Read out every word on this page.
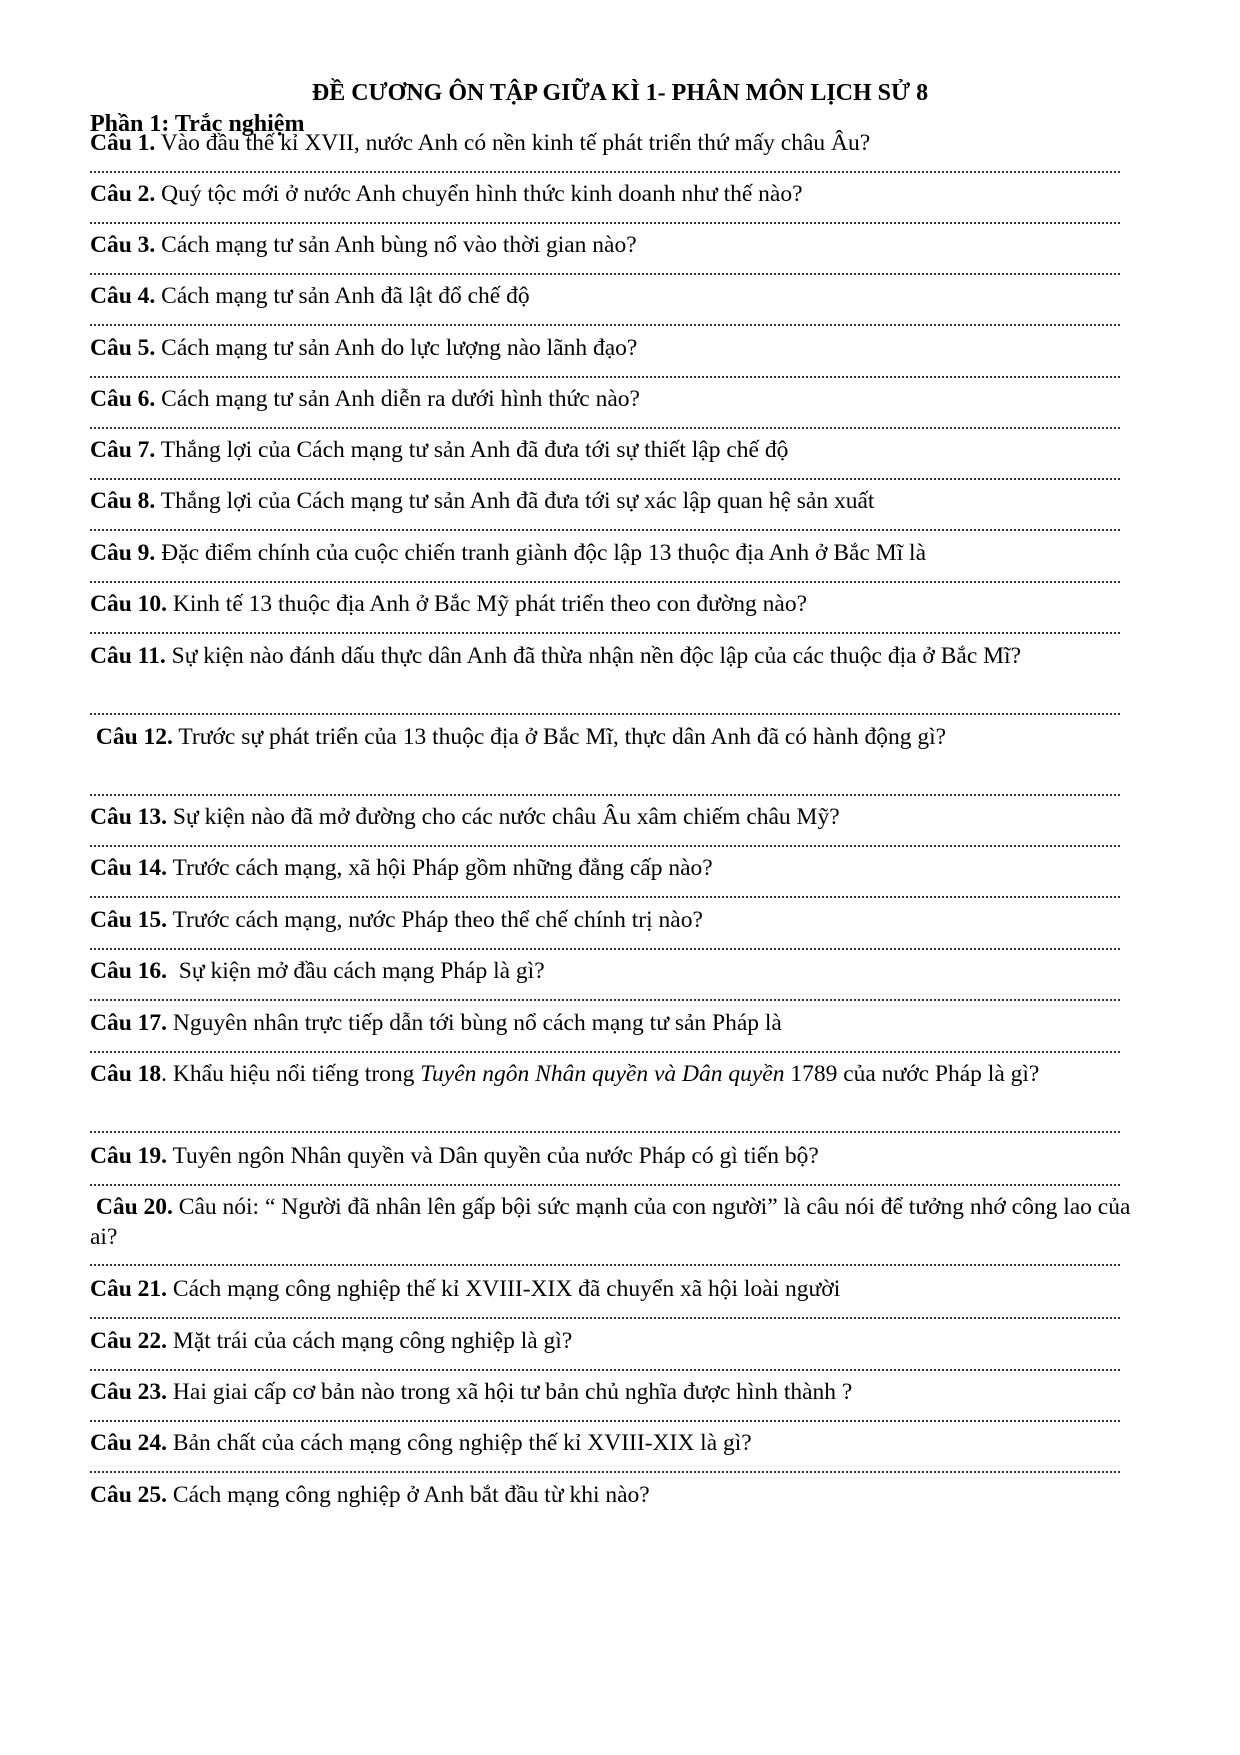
ĐỀ CƯƠNG ÔN TẬP GIỮA KÌ 1- PHÂN MÔN LỊCH SỬ 8
Phần 1: Trắc nghiệm
Câu 1. Vào đầu thế kỉ XVII, nước Anh có nền kinh tế phát triển thứ mấy châu Âu?
Câu 2. Quý tộc mới ở nước Anh chuyển hình thức kinh doanh như thế nào?
Câu 3. Cách mạng tư sản Anh bùng nổ vào thời gian nào?
Câu 4. Cách mạng tư sản Anh đã lật đổ chế độ
Câu 5. Cách mạng tư sản Anh do lực lượng nào lãnh đạo?
Câu 6. Cách mạng tư sản Anh diễn ra dưới hình thức nào?
Câu 7. Thắng lợi của Cách mạng tư sản Anh đã đưa tới sự thiết lập chế độ
Câu 8. Thắng lợi của Cách mạng tư sản Anh đã đưa tới sự xác lập quan hệ sản xuất
Câu 9. Đặc điểm chính của cuộc chiến tranh giành độc lập 13 thuộc địa Anh ở Bắc Mĩ là
Câu 10. Kinh tế 13 thuộc địa Anh ở Bắc Mỹ phát triển theo con đường nào?
Câu 11. Sự kiện nào đánh dấu thực dân Anh đã thừa nhận nền độc lập của các thuộc địa ở Bắc Mĩ?
Câu 12. Trước sự phát triển của 13 thuộc địa ở Bắc Mĩ, thực dân Anh đã có hành động gì?
Câu 13. Sự kiện nào đã mở đường cho các nước châu Âu xâm chiếm châu Mỹ?
Câu 14. Trước cách mạng, xã hội Pháp gồm những đẳng cấp nào?
Câu 15. Trước cách mạng, nước Pháp theo thể chế chính trị nào?
Câu 16.  Sự kiện mở đầu cách mạng Pháp là gì?
Câu 17. Nguyên nhân trực tiếp dẫn tới bùng nổ cách mạng tư sản Pháp là
Câu 18. Khẩu hiệu nổi tiếng trong Tuyên ngôn Nhân quyền và Dân quyền 1789 của nước Pháp là gì?
Câu 19. Tuyên ngôn Nhân quyền và Dân quyền của nước Pháp có gì tiến bộ?
Câu 20. Câu nói: “ Người đã nhân lên gấp bội sức mạnh của con người” là câu nói để tưởng nhớ công lao của ai?
Câu 21. Cách mạng công nghiệp thế kỉ XVIII-XIX đã chuyển xã hội loài người
Câu 22. Mặt trái của cách mạng công nghiệp là gì?
Câu 23. Hai giai cấp cơ bản nào trong xã hội tư bản chủ nghĩa được hình thành ?
Câu 24. Bản chất của cách mạng công nghiệp thế kỉ XVIII-XIX là gì?
Câu 25. Cách mạng công nghiệp ở Anh bắt đầu từ khi nào?
